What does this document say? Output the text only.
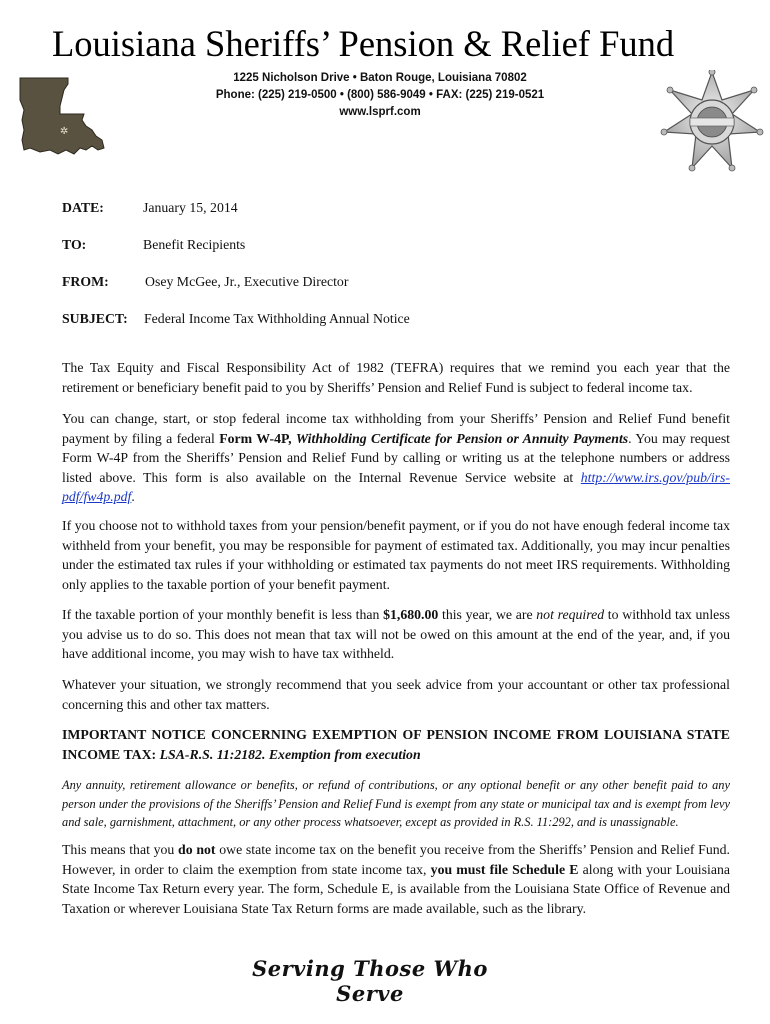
Louisiana Sheriffs’ Pension & Relief Fund
1225 Nicholson Drive • Baton Rouge, Louisiana 70802
Phone: (225) 219-0500 • (800) 586-9049 • FAX: (225) 219-0521
www.lsprf.com
✲
DATE:	January 15, 2014
TO:	Benefit Recipients
FROM:	Osey McGee, Jr., Executive Director
SUBJECT: Federal Income Tax Withholding Annual Notice
The Tax Equity and Fiscal Responsibility Act of 1982 (TEFRA) requires that we remind you each year that the retirement or beneficiary benefit paid to you by Sheriffs’ Pension and Relief Fund is subject to federal income tax.
You can change, start, or stop federal income tax withholding from your Sheriffs’ Pension and Relief Fund benefit payment by filing a federal Form W-4P, Withholding Certificate for Pension or Annuity Payments. You may request Form W-4P from the Sheriffs’ Pension and Relief Fund by calling or writing us at the telephone numbers or address listed above. This form is also available on the Internal Revenue Service website at http://www.irs.gov/pub/irs-pdf/fw4p.pdf.
If you choose not to withhold taxes from your pension/benefit payment, or if you do not have enough federal income tax withheld from your benefit, you may be responsible for payment of estimated tax. Additionally, you may incur penalties under the estimated tax rules if your withholding or estimated tax payments do not meet IRS requirements. Withholding only applies to the taxable portion of your benefit payment.
If the taxable portion of your monthly benefit is less than $1,680.00 this year, we are not required to withhold tax unless you advise us to do so. This does not mean that tax will not be owed on this amount at the end of the year, and, if you have additional income, you may wish to have tax withheld.
Whatever your situation, we strongly recommend that you seek advice from your accountant or other tax professional concerning this and other tax matters.
IMPORTANT NOTICE CONCERNING EXEMPTION OF PENSION INCOME FROM LOUISIANA STATE INCOME TAX: LSA-R.S. 11:2182. Exemption from execution
Any annuity, retirement allowance or benefits, or refund of contributions, or any optional benefit or any other benefit paid to any person under the provisions of the Sheriffs’ Pension and Relief Fund is exempt from any state or municipal tax and is exempt from levy and sale, garnishment, attachment, or any other process whatsoever, except as provided in R.S. 11:292, and is unassignable.
This means that you do not owe state income tax on the benefit you receive from the Sheriffs’ Pension and Relief Fund. However, in order to claim the exemption from state income tax, you must file Schedule E along with your Louisiana State Income Tax Return every year. The form, Schedule E, is available from the Louisiana State Office of Revenue and Taxation or wherever Louisiana State Tax Return forms are made available, such as the library.
Serving Those Who Serve
